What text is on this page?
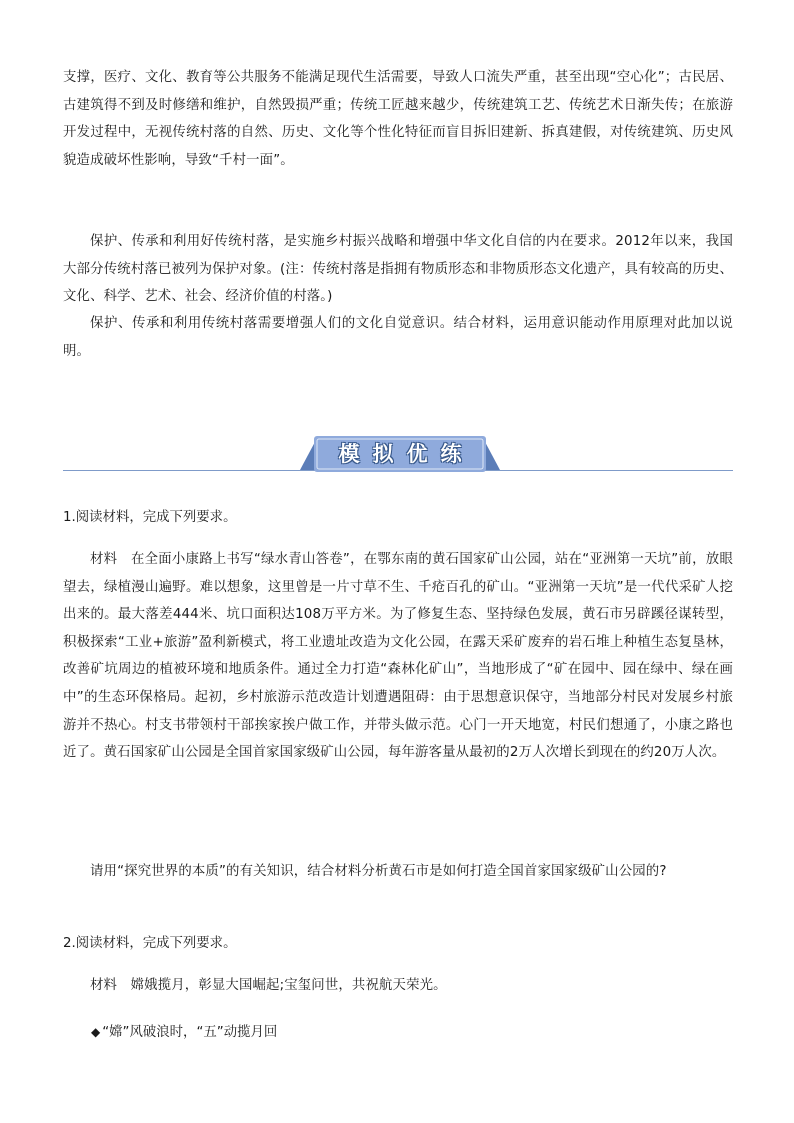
支撑，医疗、文化、教育等公共服务不能满足现代生活需要，导致人口流失严重，甚至出现“空心化”；古民居、古建筑得不到及时修缮和维护，自然毁损严重；传统工匠越来越少，传统建筑工艺、传统艺术日渐失传；在旅游开发过程中，无视传统村落的自然、历史、文化等个性化特征而盲目拆旧建新、拆真建假，对传统建筑、历史风貌造成破坏性影响，导致“千村一面”。

保护、传承和利用好传统村落，是实施乡村振兴战略和增强中华文化自信的内在要求。2012年以来，我国大部分传统村落已被列为保护对象。(注：传统村落是指拥有物质形态和非物质形态文化遗产，具有较高的历史、文化、科学、艺术、社会、经济价值的村落。)

保护、传承和利用传统村落需要增强人们的文化自觉意识。结合材料，运用意识能动作用原理对此加以说明。

模拟优练

1.阅读材料，完成下列要求。

材料　在全面小康路上书写“绿水青山答卷”，在鄂东南的黄石国家矿山公园，站在“亚洲第一天坑”前，放眼望去，绿植漫山遍野。难以想象，这里曾是一片寸草不生、千疮百孔的矿山。“亚洲第一天坑”是一代代采矿人挖出来的。最大落差444米、坑口面积达108万平方米。为了修复生态、坚持绿色发展，黄石市另辟蹊径谋转型，积极探索“工业+旅游”盈利新模式，将工业遗址改造为文化公园，在露天采矿废弃的岩石堆上种植生态复垦林，改善矿坑周边的植被环境和地质条件。通过全力打造“森林化矿山”，当地形成了“矿在园中、园在绿中、绿在画中”的生态环保格局。起初，乡村旅游示范改造计划遭遇阻碍：由于思想意识保守，当地部分村民对发展乡村旅游并不热心。村支书带领村干部挨家挨户做工作，并带头做示范。心门一开天地宽，村民们想通了，小康之路也近了。黄石国家矿山公园是全国首家国家级矿山公园，每年游客量从最初的2万人次增长到现在的约20万人次。

请用“探究世界的本质”的有关知识，结合材料分析黄石市是如何打造全国首家国家级矿山公园的?

2.阅读材料，完成下列要求。

材料　嫦娥揽月，彰显大国崛起;宝玺问世，共祝航天荣光。

◆ “嫦”风破浪时，“五”动揽月回
